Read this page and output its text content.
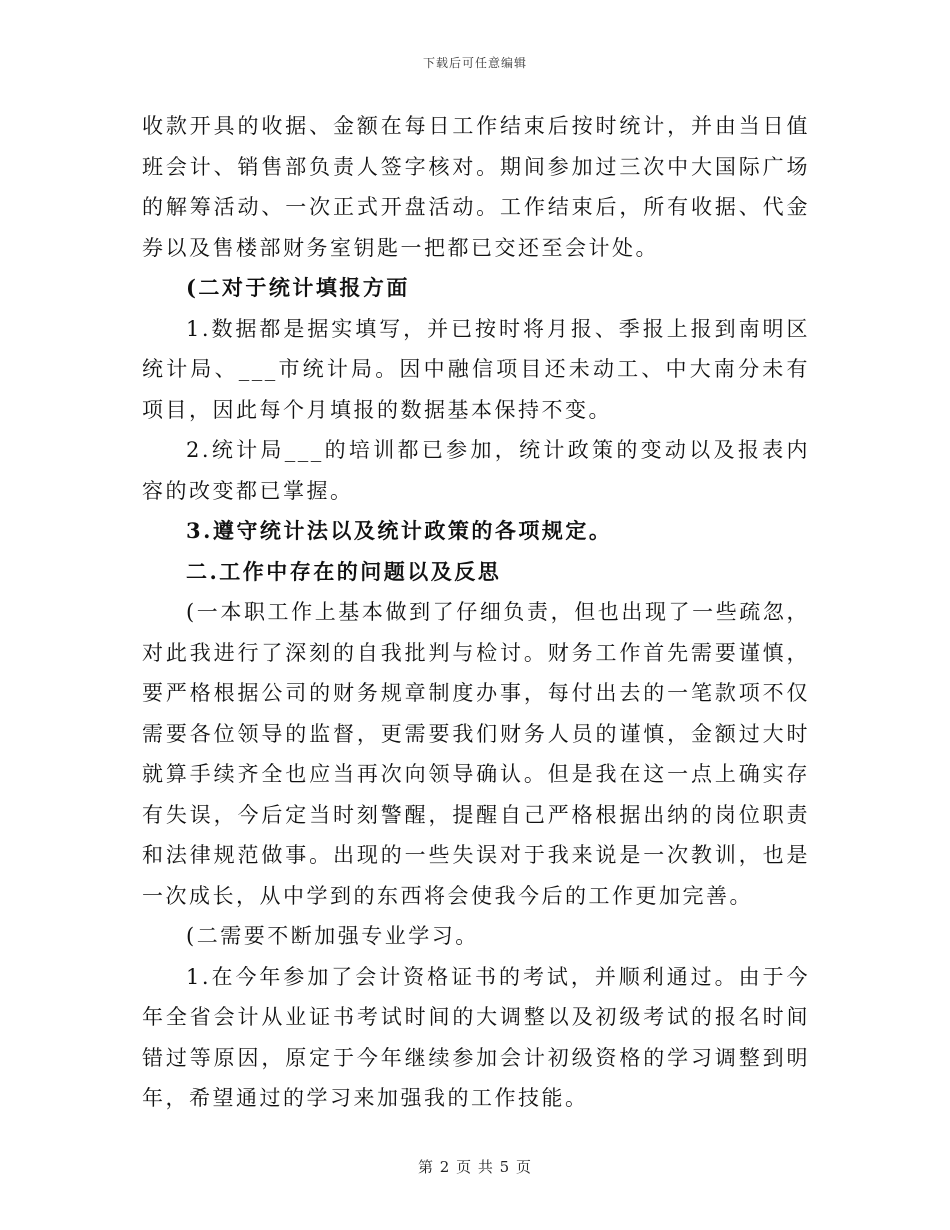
下载后可任意编辑

收款开具的收据、金额在每日工作结束后按时统计，并由当日值班会计、销售部负责人签字核对。期间参加过三次中大国际广场的解筹活动、一次正式开盘活动。工作结束后，所有收据、代金券以及售楼部财务室钥匙一把都已交还至会计处。

(二对于统计填报方面

1.数据都是据实填写，并已按时将月报、季报上报到南明区统计局、___市统计局。因中融信项目还未动工、中大南分未有项目，因此每个月填报的数据基本保持不变。

2.统计局___的培训都已参加，统计政策的变动以及报表内容的改变都已掌握。

3.遵守统计法以及统计政策的各项规定。

二.工作中存在的问题以及反思

(一本职工作上基本做到了仔细负责，但也出现了一些疏忽，对此我进行了深刻的自我批判与检讨。财务工作首先需要谨慎，要严格根据公司的财务规章制度办事，每付出去的一笔款项不仅需要各位领导的监督，更需要我们财务人员的谨慎，金额过大时就算手续齐全也应当再次向领导确认。但是我在这一点上确实存有失误，今后定当时刻警醒，提醒自己严格根据出纳的岗位职责和法律规范做事。出现的一些失误对于我来说是一次教训，也是一次成长，从中学到的东西将会使我今后的工作更加完善。

(二需要不断加强专业学习。

1.在今年参加了会计资格证书的考试，并顺利通过。由于今年全省会计从业证书考试时间的大调整以及初级考试的报名时间错过等原因，原定于今年继续参加会计初级资格的学习调整到明年，希望通过的学习来加强我的工作技能。

第 2 页 共 5 页
